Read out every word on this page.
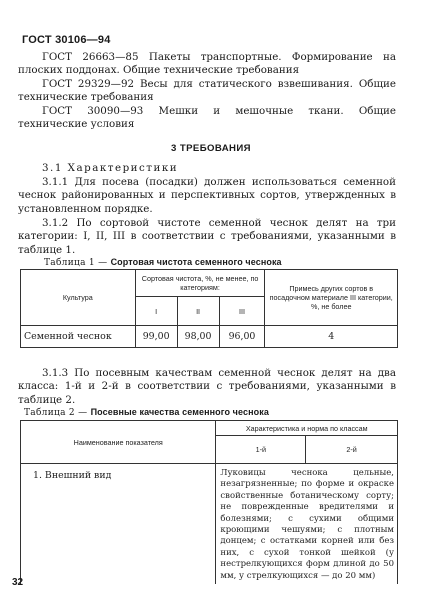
ГОСТ 30106—94

ГОСТ 26663—85 Пакеты транспортные. Формирование на плоских поддонах. Общие технические требования

ГОСТ 29329—92 Весы для статического взвешивания. Общие технические требования

ГОСТ 30090—93 Мешки и мешочные ткани. Общие технические условия

3 ТРЕБОВАНИЯ
3.1 Характеристики

3.1.1 Для посева (посадки) должен использоваться семенной чеснок районированных и перспективных сортов, утвержденных в установленном порядке.

3.1.2 По сортовой чистоте семенной чеснок делят на три категории: I, II, III в соответствии с требованиями, указанными в таблице 1.

Таблица 1 — Сортовая чистота семенного чеснока
Культура	Сортовая чистота, %, не менее, по категориям:			Примесь других сортов в посадочном материале III категории, %, не более
	I	II	III	
Семенной чеснок	99,00	98,00	96,00	4

3.1.3 По посевным качествам семенной чеснок делят на два класса: 1-й и 2-й в соответствии с требованиями, указанными в таблице 2.

Таблица 2 — Посевные качества семенного чеснока
Наименование показателя	Характеристика и норма по классам	
	1-й	2-й
1. Внешний вид	Луковицы чеснока цельные, незагрязненные; по форме и окраске свойственные ботаническому сорту; не поврежденные вредителями и болезнями; с сухими общими кроющими чешуями; с плотным донцем; с остатками корней или без них, с сухой тонкой шейкой (у нестрелкующихся форм длиной до 50 мм, у стрелкующихся — до 20 мм)	
32
